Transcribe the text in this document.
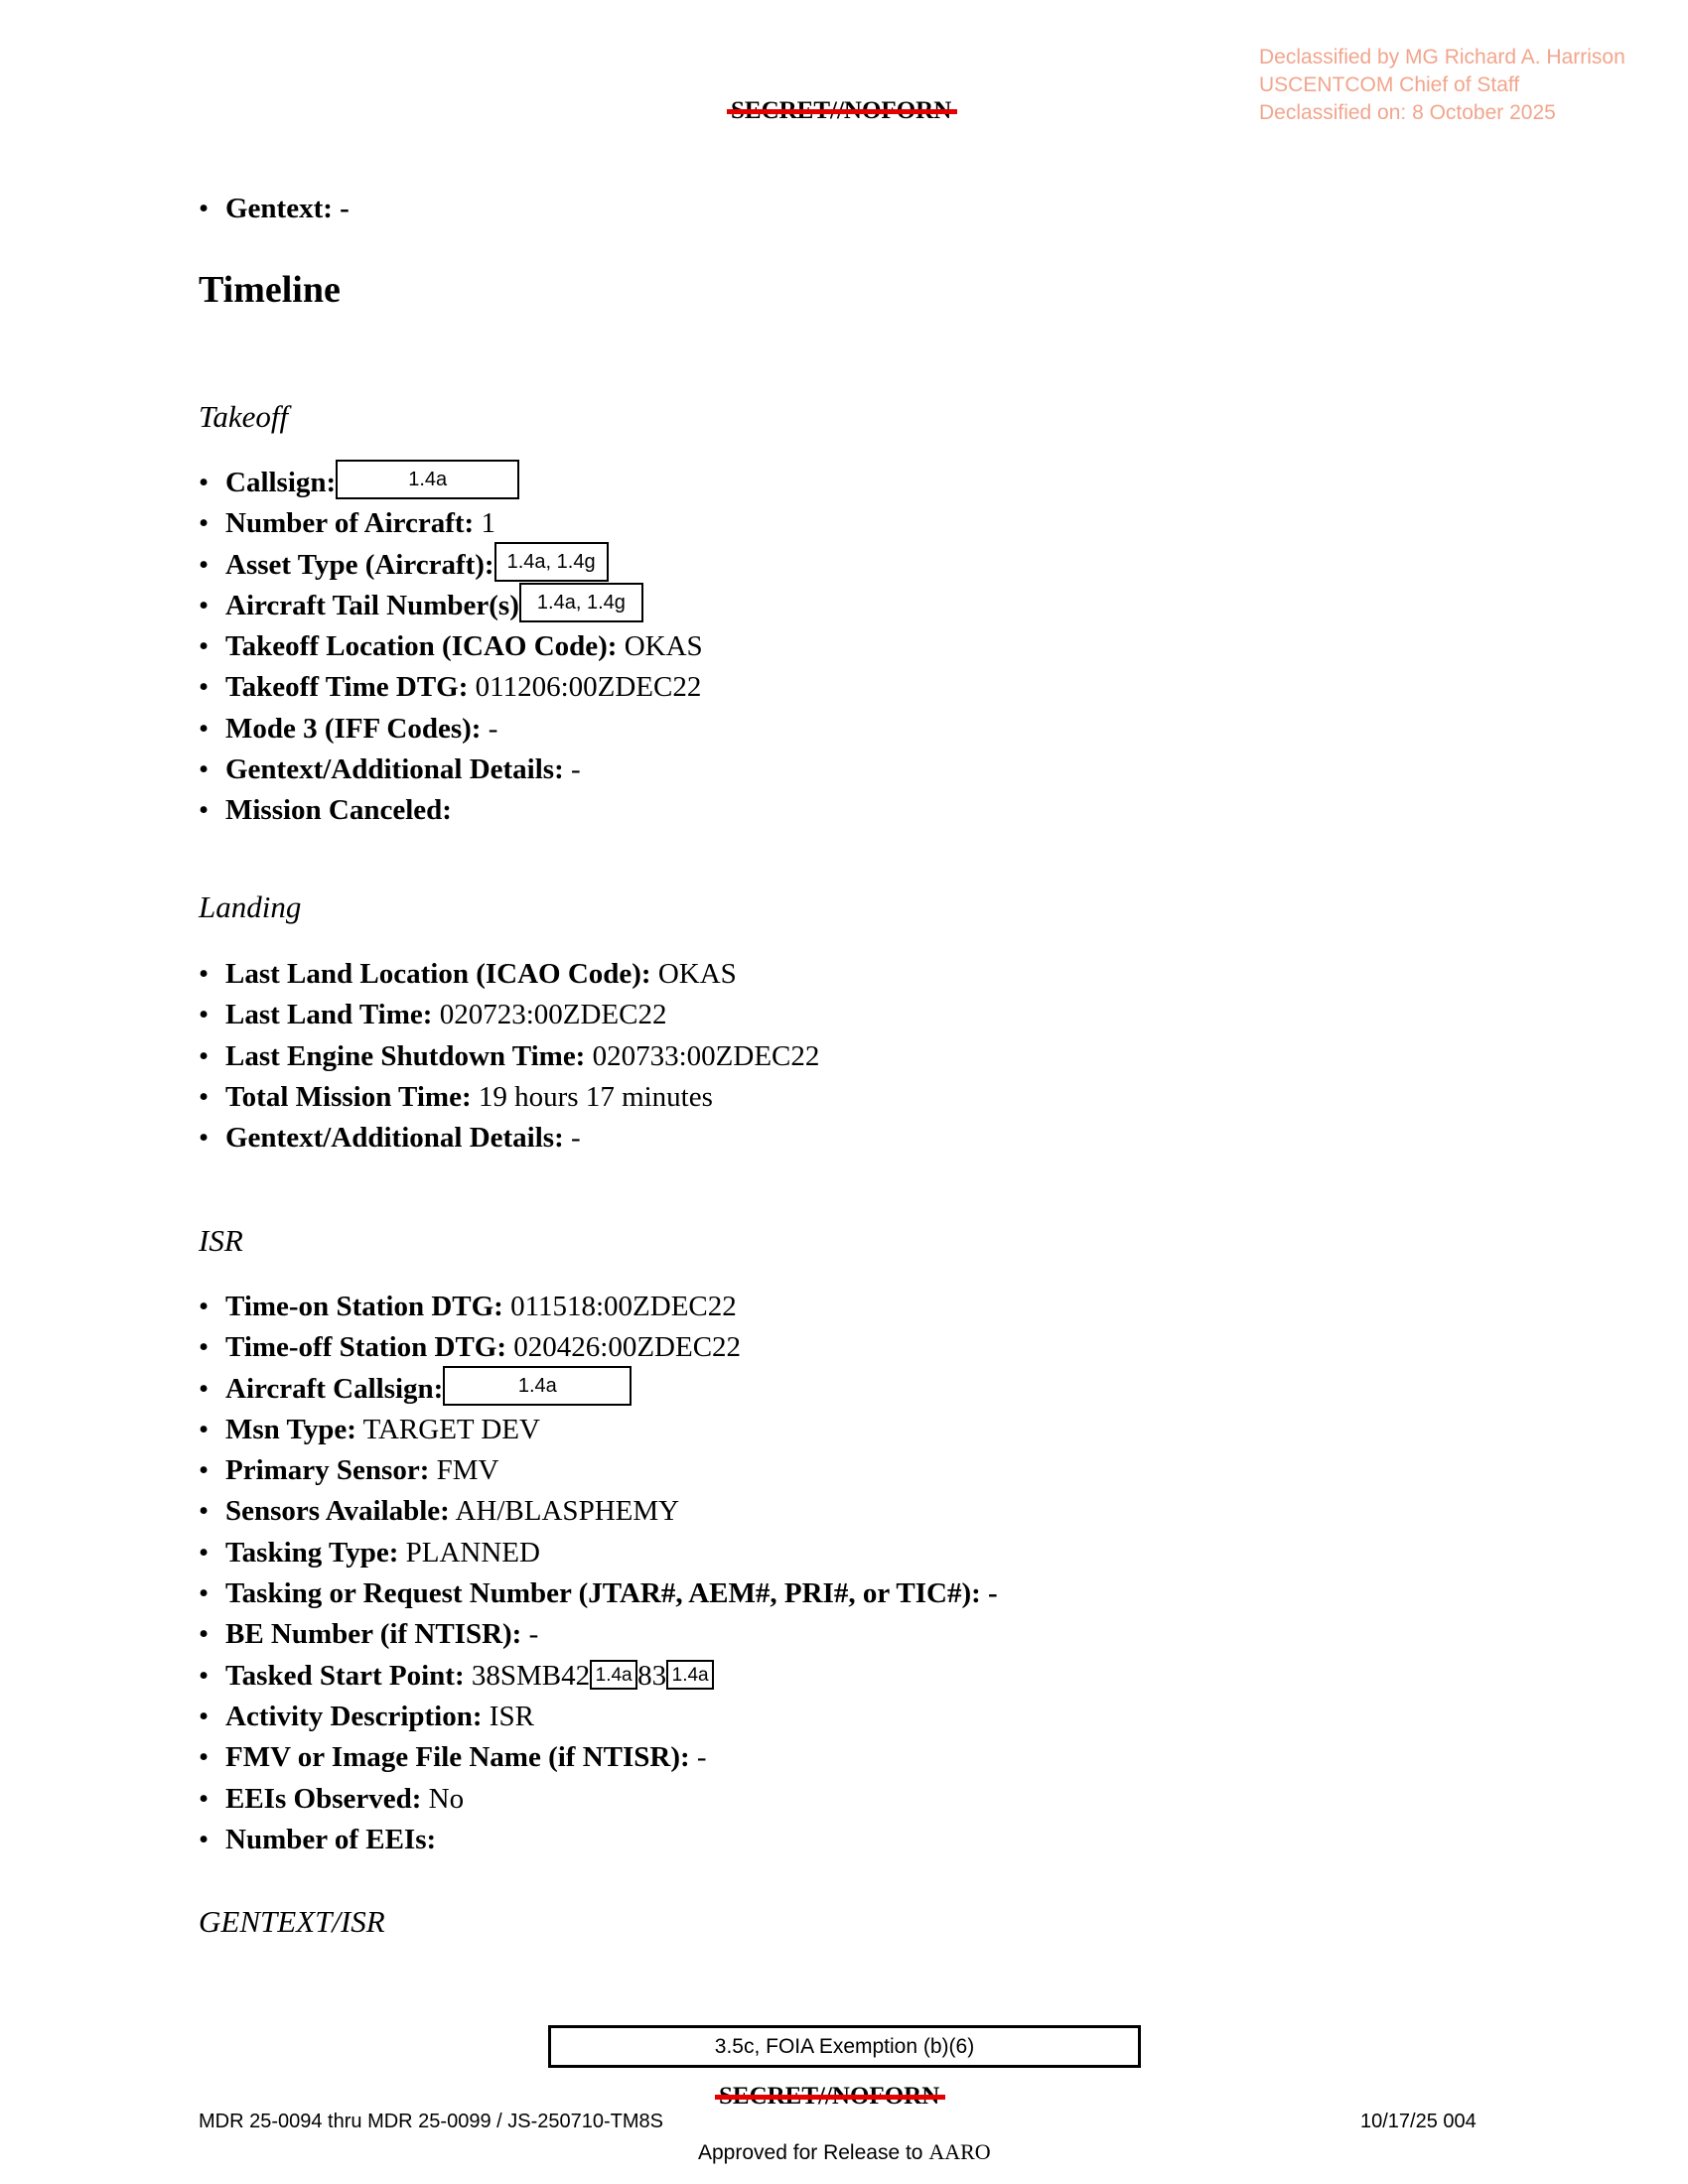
Declassified by MG Richard A. Harrison
USCENTCOM Chief of Staff
Declassified on: 8 October 2025
• Gentext: -
Timeline
Takeoff
• Callsign:	1.4a
• Number of Aircraft: 1
• Asset Type (Aircraft): 1.4a, 1.4g
• Aircraft Tail Number(s) 1.4a, 1.4g
• Takeoff Location (ICAO Code): OKAS
• Takeoff Time DTG: 011206:00ZDEC22
• Mode 3 (IFF Codes): -
• Gentext/Additional Details: -
• Mission Canceled:
Landing
• Last Land Location (ICAO Code): OKAS
• Last Land Time: 020723:00ZDEC22
• Last Engine Shutdown Time: 020733:00ZDEC22
• Total Mission Time: 19 hours 17 minutes
• Gentext/Additional Details: -
ISR
• Time-on Station DTG: 011518:00ZDEC22
• Time-off Station DTG: 020426:00ZDEC22
• Aircraft Callsign:	1.4a
• Msn Type: TARGET DEV
• Primary Sensor: FMV
• Sensors Available: AH/BLASPHEMY
• Tasking Type: PLANNED
• Tasking or Request Number (JTAR#, AEM#, PRI#, or TIC#): -
• BE Number (if NTISR): -
• Tasked Start Point: 38SMB42 1.4a 83 1.4a
• Activity Description: ISR
• FMV or Image File Name (if NTISR): -
• EEIs Observed: No
• Number of EEIs:
GENTEXT/ISR
3.5c, FOIA Exemption (b)(6)
MDR 25-0094 thru MDR 25-0099 / JS-250710-TM8S	10/17/25 004
Approved for Release to AARO
